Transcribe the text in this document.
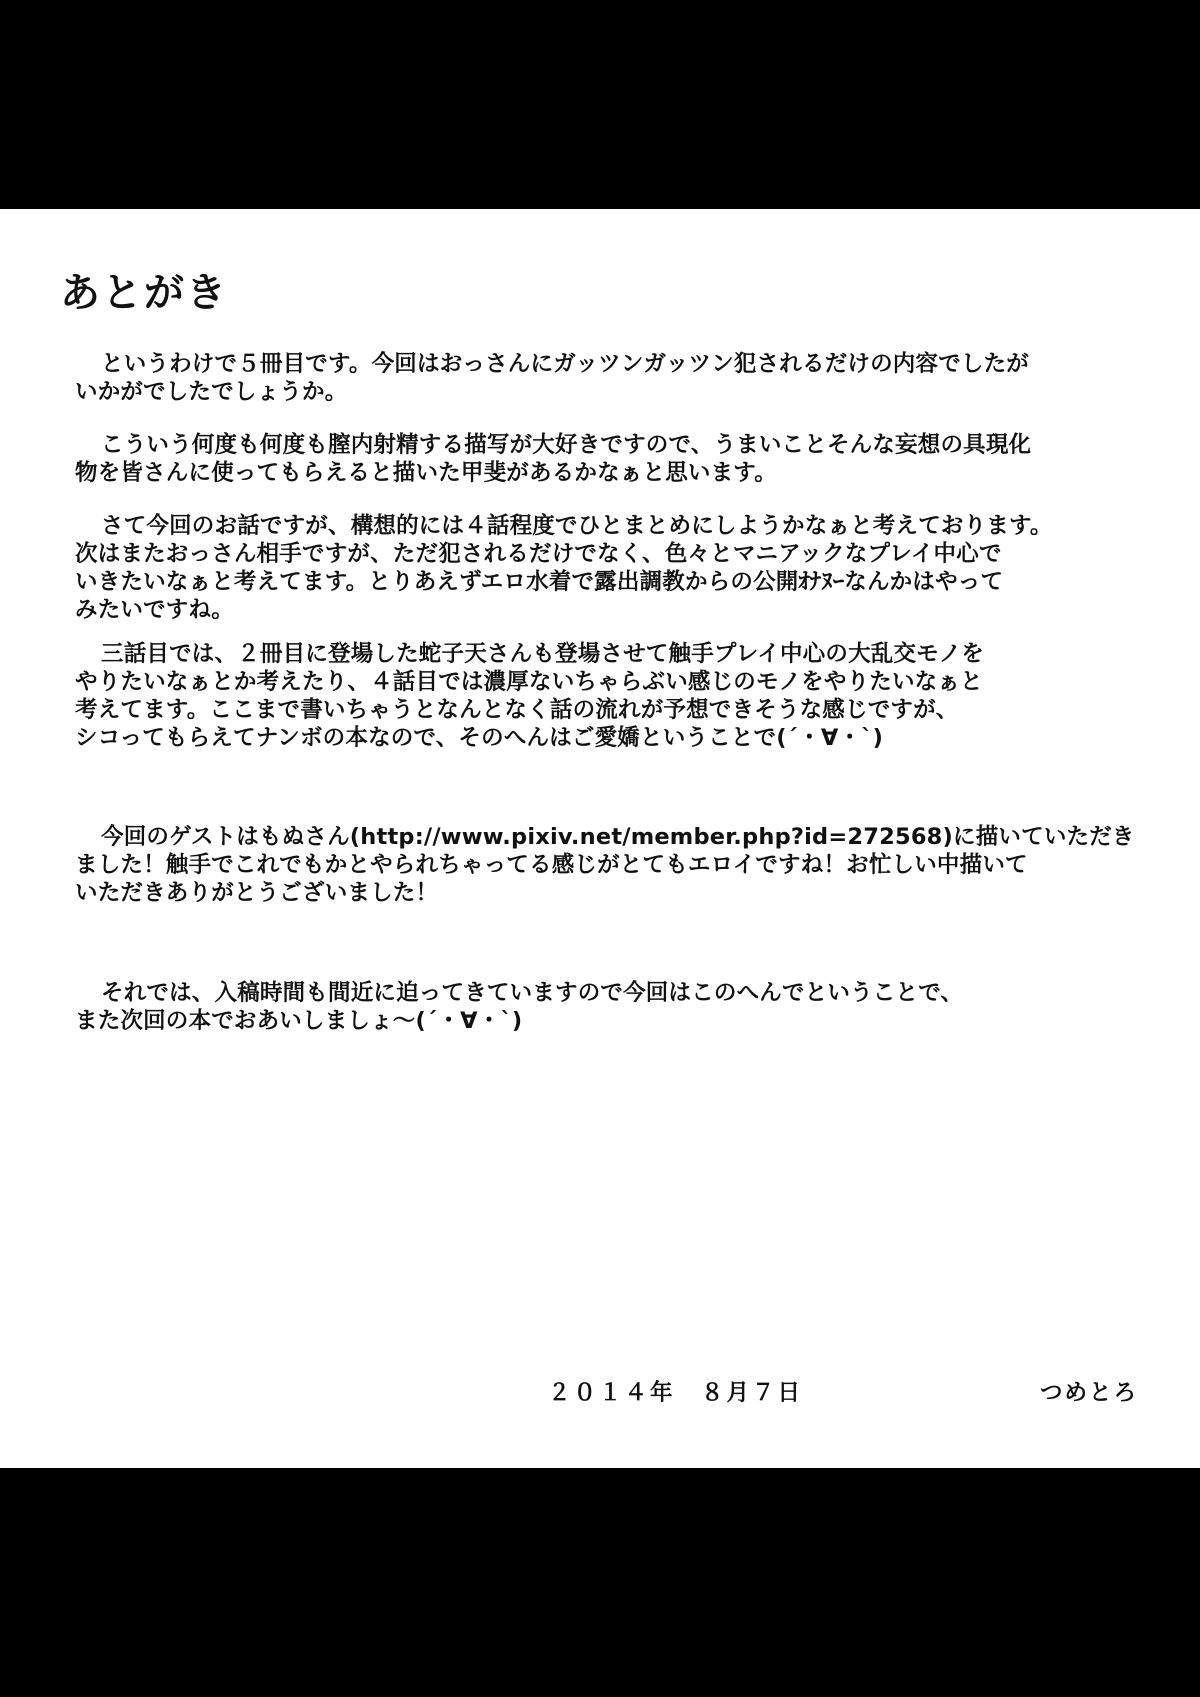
あとがき

というわけで５冊目です。今回はおっさんにガッツンガッツン犯されるだけの内容でしたが
いかがでしたでしょうか。

こういう何度も何度も膣内射精する描写が大好きですので、うまいことそんな妄想の具現化
物を皆さんに使ってもらえると描いた甲斐があるかなぁと思います。

さて今回のお話ですが、構想的には４話程度でひとまとめにしようかなぁと考えております。
次はまたおっさん相手ですが、ただ犯されるだけでなく、色々とマニアックなプレイ中心で
いきたいなぁと考えてます。とりあえずエロ水着で露出調教からの公開ｵﾅﾇｰなんかはやって
みたいですね。

三話目では、２冊目に登場した蛇子天さんも登場させて触手プレイ中心の大乱交モノを
やりたいなぁとか考えたり、４話目では濃厚ないちゃらぶい感じのモノをやりたいなぁと
考えてます。ここまで書いちゃうとなんとなく話の流れが予想できそうな感じですが、
シコってもらえてナンボの本なので、そのへんはご愛嬌ということで(´・∀・`)

今回のゲストはもぬさん(http://www.pixiv.net/member.php?id=272568)に描いていただき
ました！触手でこれでもかとやられちゃってる感じがとてもエロイですね！お忙しい中描いて
いただきありがとうございました！

それでは、入稿時間も間近に迫ってきていますので今回はこのへんでということで、
また次回の本でおあいしましょ～(´・∀・`)

２０１４年　８月７日	つめとろ
